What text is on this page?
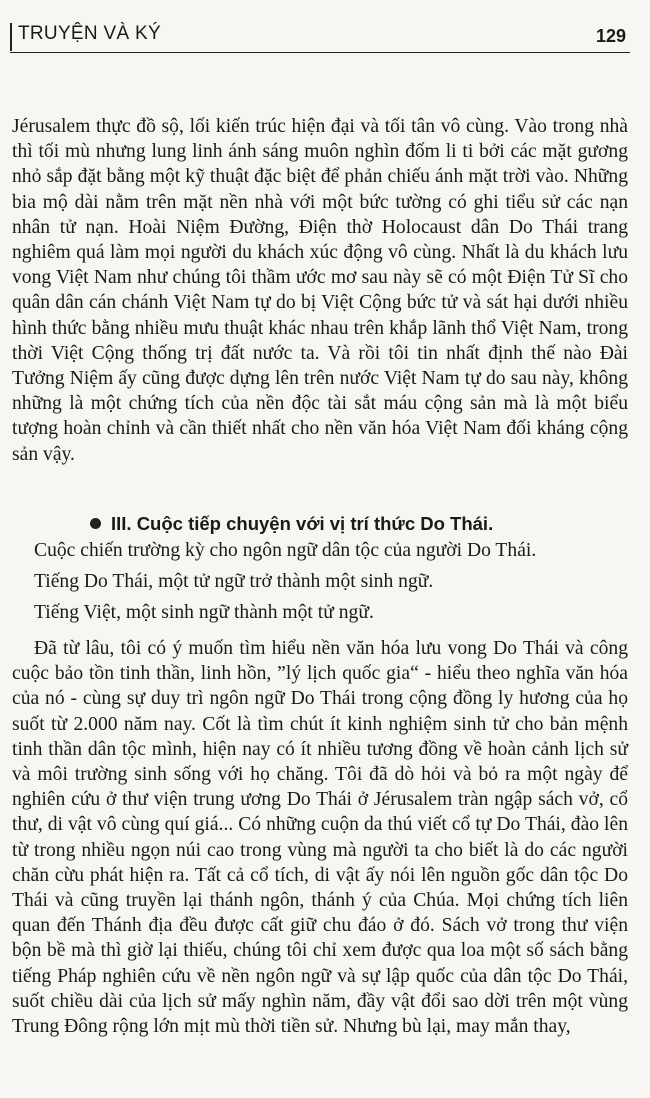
TRUYỆN VÀ KÝ	129

Jérusalem thực đồ sộ, lối kiến trúc hiện đại và tối tân vô cùng. Vào trong nhà thì tối mù nhưng lung linh ánh sáng muôn nghìn đốm li ti bởi các mặt gương nhỏ sắp đặt bằng một kỹ thuật đặc biệt để phản chiếu ánh mặt trời vào. Những bia mộ dài nằm trên mặt nền nhà với một bức tường có ghi tiểu sử các nạn nhân tử nạn. Hoài Niệm Đường, Điện thờ Holocaust dân Do Thái trang nghiêm quá làm mọi người du khách xúc động vô cùng. Nhất là du khách lưu vong Việt Nam như chúng tôi thầm ước mơ sau này sẽ có một Điện Tử Sĩ cho quân dân cán chánh Việt Nam tự do bị Việt Cộng bức tử và sát hại dưới nhiều hình thức bằng nhiều mưu thuật khác nhau trên khắp lãnh thổ Việt Nam, trong thời Việt Cộng thống trị đất nước ta. Và rồi tôi tin nhất định thế nào Đài Tưởng Niệm ấy cũng được dựng lên trên nước Việt Nam tự do sau này, không những là một chứng tích của nền độc tài sắt máu cộng sản mà là một biểu tượng hoàn chỉnh và cần thiết nhất cho nền văn hóa Việt Nam đối kháng cộng sản vậy.

III. Cuộc tiếp chuyện với vị trí thức Do Thái.

Cuộc chiến trường kỳ cho ngôn ngữ dân tộc của người Do Thái.

Tiếng Do Thái, một tử ngữ trở thành một sinh ngữ.

Tiếng Việt, một sinh ngữ thành một tử ngữ.

Đã từ lâu, tôi có ý muốn tìm hiểu nền văn hóa lưu vong Do Thái và công cuộc bảo tồn tinh thần, linh hồn, ”lý lịch quốc gia“ - hiểu theo nghĩa văn hóa của nó - cùng sự duy trì ngôn ngữ Do Thái trong cộng đồng ly hương của họ suốt từ 2.000 năm nay. Cốt là tìm chút ít kinh nghiệm sinh tử cho bản mệnh tinh thần dân tộc mình, hiện nay có ít nhiều tương đồng về hoàn cảnh lịch sử và môi trường sinh sống với họ chăng. Tôi đã dò hỏi và bỏ ra một ngày để nghiên cứu ở thư viện trung ương Do Thái ở Jérusalem tràn ngập sách vở, cổ thư, di vật vô cùng quí giá... Có những cuộn da thú viết cổ tự Do Thái, đào lên từ trong nhiều ngọn núi cao trong vùng mà người ta cho biết là do các người chăn cừu phát hiện ra. Tất cả cổ tích, di vật ấy nói lên nguồn gốc dân tộc Do Thái và cũng truyền lại thánh ngôn, thánh ý của Chúa. Mọi chứng tích liên quan đến Thánh địa đều được cất giữ chu đáo ở đó. Sách vở trong thư viện bộn bề mà thì giờ lại thiếu, chúng tôi chỉ xem được qua loa một số sách bằng tiếng Pháp nghiên cứu về nền ngôn ngữ và sự lập quốc của dân tộc Do Thái, suốt chiều dài của lịch sử mấy nghìn năm, đầy vật đổi sao dời trên một vùng Trung Đông rộng lớn mịt mù thời tiền sử. Nhưng bù lại, may mắn thay,
